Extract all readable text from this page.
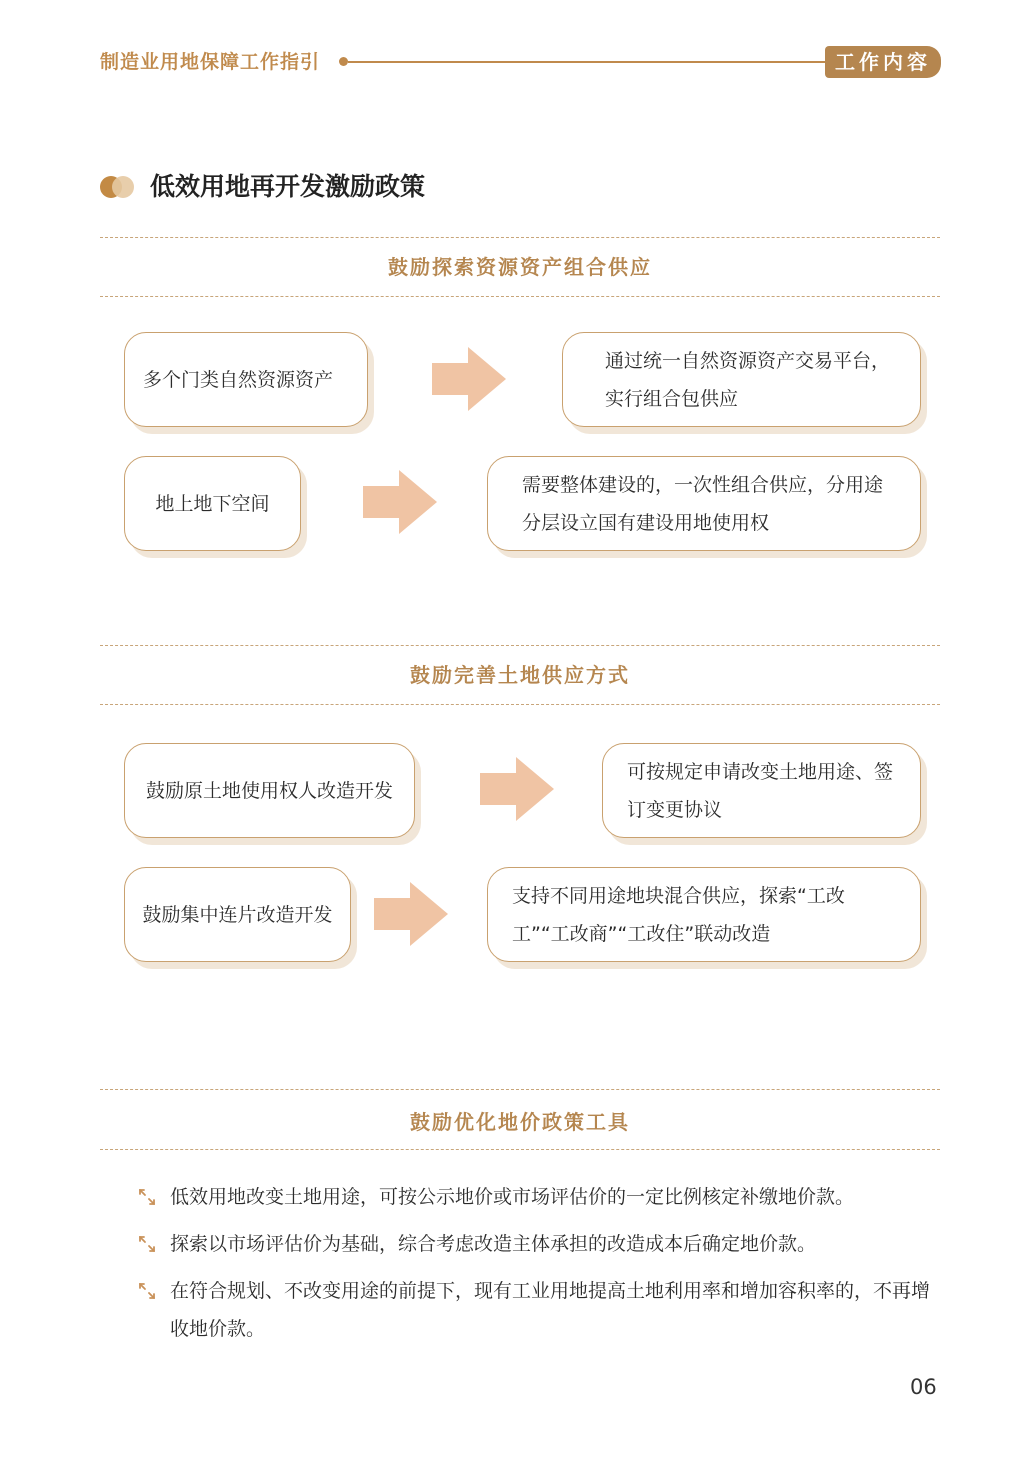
制造业用地保障工作指引	工作内容
低效用地再开发激励政策
鼓励探索资源资产组合供应
多个门类自然资源资产
通过统一自然资源资产交易平台，实行组合包供应
地上地下空间
需要整体建设的，一次性组合供应，分用途分层设立国有建设用地使用权
鼓励完善土地供应方式
鼓励原土地使用权人改造开发
可按规定申请改变土地用途、签订变更协议
鼓励集中连片改造开发
支持不同用途地块混合供应，探索“工改工”“工改商”“工改住”联动改造
鼓励优化地价政策工具
低效用地改变土地用途，可按公示地价或市场评估价的一定比例核定补缴地价款。
探索以市场评估价为基础，综合考虑改造主体承担的改造成本后确定地价款。
在符合规划、不改变用途的前提下，现有工业用地提高土地利用率和增加容积率的，不再增收地价款。
06
